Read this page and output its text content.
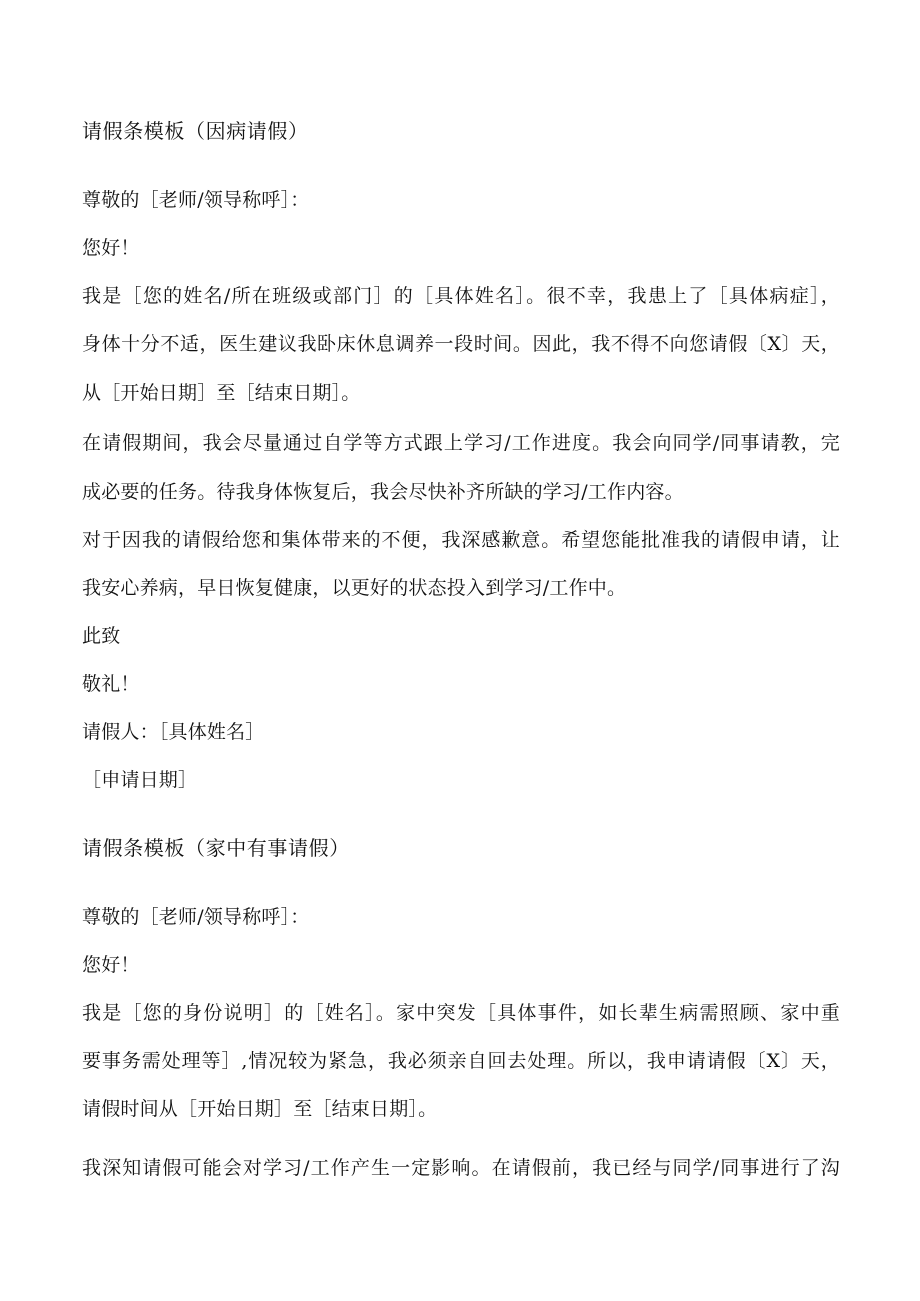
请假条模板（因病请假）
尊敬的［老师/领导称呼］：
您好！
我是［您的姓名/所在班级或部门］的［具体姓名］。很不幸，我患上了［具体病症］，
身体十分不适，医生建议我卧床休息调养一段时间。因此，我不得不向您请假〔X〕天，
从［开始日期］至［结束日期］。
在请假期间，我会尽量通过自学等方式跟上学习/工作进度。我会向同学/同事请教，完
成必要的任务。待我身体恢复后，我会尽快补齐所缺的学习/工作内容。
对于因我的请假给您和集体带来的不便，我深感歉意。希望您能批准我的请假申请，让
我安心养病，早日恢复健康，以更好的状态投入到学习/工作中。
此致
敬礼！
请假人：［具体姓名］
［申请日期］
请假条模板（家中有事请假）
尊敬的［老师/领导称呼］：
您好！
我是［您的身份说明］的［姓名］。家中突发［具体事件，如长辈生病需照顾、家中重
要事务需处理等］,情况较为紧急，我必须亲自回去处理。所以，我申请请假〔X〕天，
请假时间从［开始日期］至［结束日期］。
我深知请假可能会对学习/工作产生一定影响。在请假前，我已经与同学/同事进行了沟
